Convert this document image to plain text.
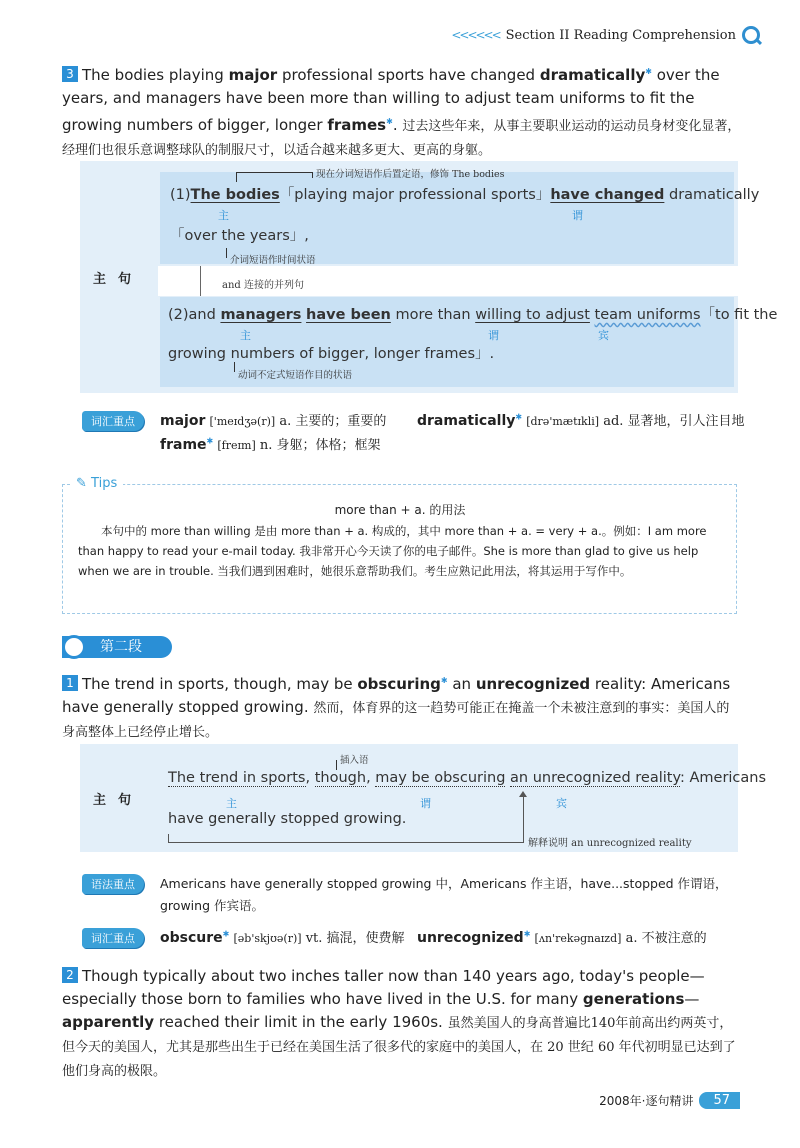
<<<<<< Section II Reading Comprehension
3 The bodies playing major professional sports have changed dramatically✱ over the years, and managers have been more than willing to adjust team uniforms to fit the growing numbers of bigger, longer frames✱. 过去这些年来，从事主要职业运动的运动员身材变化显著，经理们也很乐意调整球队的制服尺寸，以适合越来越多更大、更高的身躯。
主句
现在分词短语作后置定语，修饰 The bodies
(1)The bodies「playing major professional sports」have changed dramatically
主	谓
「over the years」,
介词短语作时间状语
and 连接的并列句
(2)and managers have been more than willing to adjust team uniforms「to fit the
主	谓	宾
growing numbers of bigger, longer frames」.
动词不定式短语作目的状语
词汇重点	major ['meɪdʒə(r)] a. 主要的；重要的 dramatically✱ [drə'mætɪkli] ad. 显著地，引人注目地
frame✱ [freɪm] n. 身躯；体格；框架
✎ Tips
more than + a. 的用法
本句中的 more than willing 是由 more than + a. 构成的，其中 more than + a. = very + a.。例如：I am more than happy to read your e-mail today. 我非常开心今天读了你的电子邮件。She is more than glad to give us help when we are in trouble. 当我们遇到困难时，她很乐意帮助我们。考生应熟记此用法，将其运用于写作中。
第二段
1 The trend in sports, though, may be obscuring✱ an unrecognized reality: Americans have generally stopped growing. 然而，体育界的这一趋势可能正在掩盖一个未被注意到的事实：美国人的身高整体上已经停止增长。
主句
插入语
The trend in sports, though, may be obscuring an unrecognized reality: Americans
主	谓	宾
have generally stopped growing.
解释说明 an unrecognized reality
语法重点	Americans have generally stopped growing 中，Americans 作主语，have...stopped 作谓语，
growing 作宾语。
词汇重点	obscure✱ [əb'skjʊə(r)] vt. 搞混，使费解 unrecognized✱ [ʌn'rekəgnaɪzd] a. 不被注意的
2 Though typically about two inches taller now than 140 years ago, today's people—especially those born to families who have lived in the U.S. for many generations—apparently reached their limit in the early 1960s. 虽然美国人的身高普遍比140年前高出约两英寸，但今天的美国人，尤其是那些出生于已经在美国生活了很多代的家庭中的美国人，在 20 世纪 60 年代初明显已达到了他们身高的极限。
2008年·逐句精讲	57
